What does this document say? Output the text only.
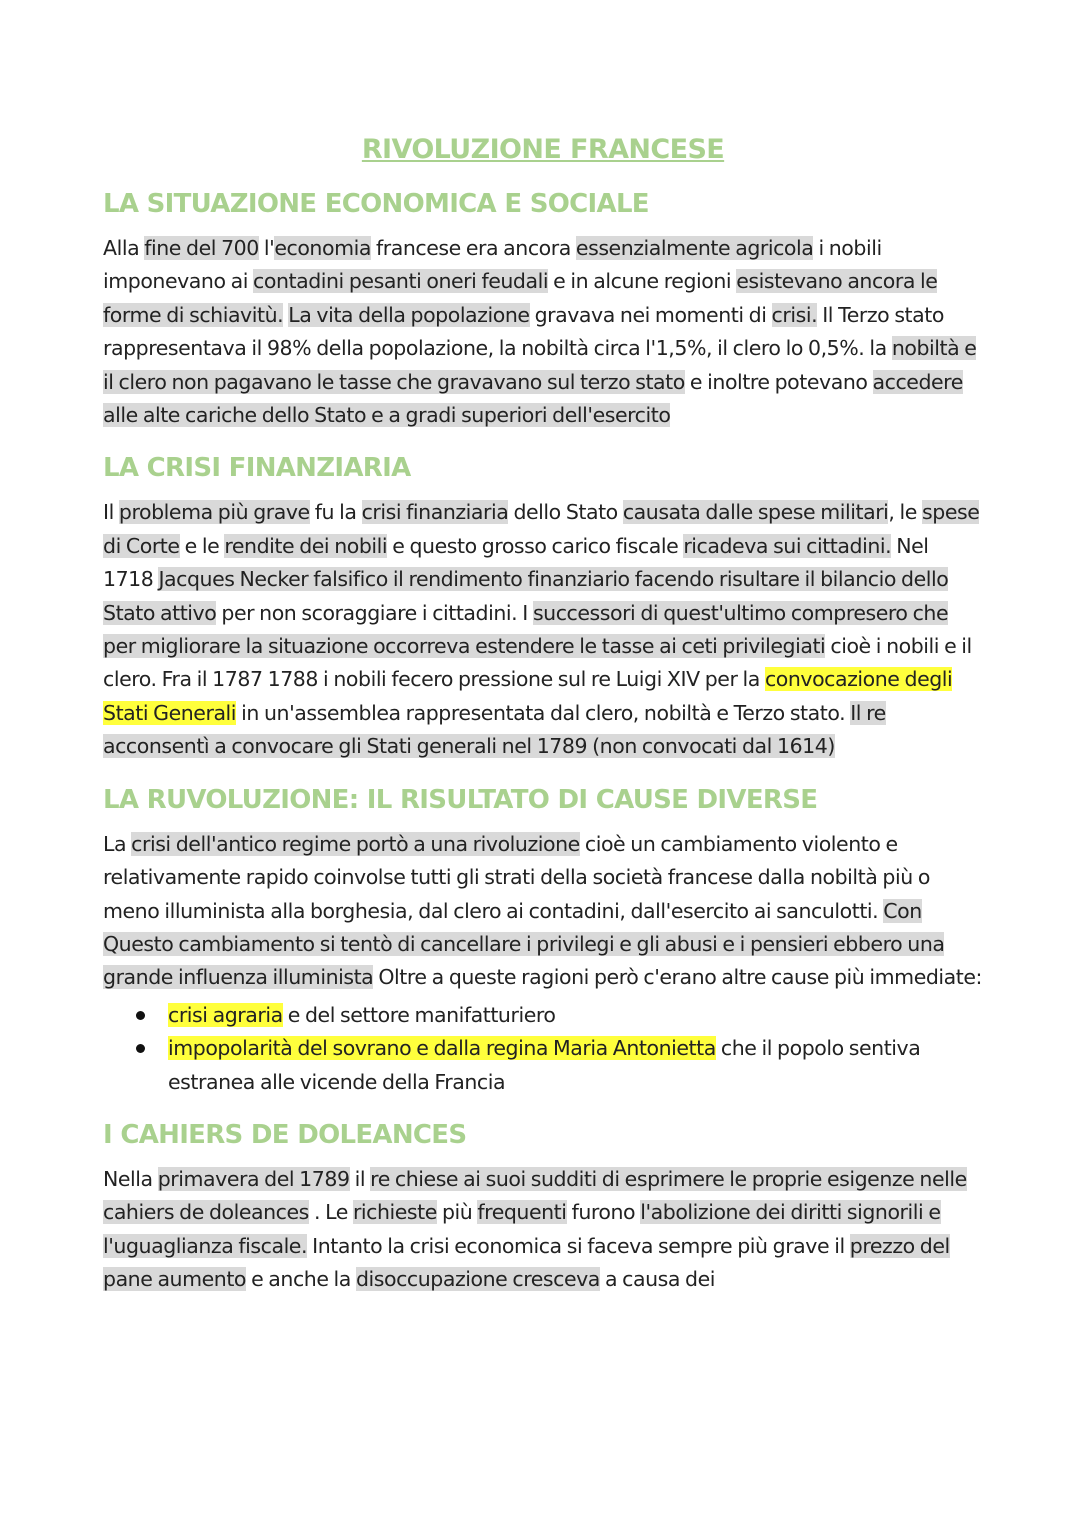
RIVOLUZIONE FRANCESE
LA SITUAZIONE ECONOMICA E SOCIALE

Alla fine del 700 l'economia francese era ancora essenzialmente agricola i nobili imponevano ai contadini pesanti oneri feudali e in alcune regioni esistevano ancora le forme di schiavitù. La vita della popolazione gravava nei momenti di crisi. Il Terzo stato rappresentava il 98% della popolazione, la nobiltà circa l'1,5%, il clero lo 0,5%. la nobiltà e il clero non pagavano le tasse che gravavano sul terzo stato e inoltre potevano accedere alle alte cariche dello Stato e a gradi superiori dell'esercito

LA CRISI FINANZIARIA

Il problema più grave fu la crisi finanziaria dello Stato causata dalle spese militari, le spese di Corte e le rendite dei nobili e questo grosso carico fiscale ricadeva sui cittadini. Nel 1718 Jacques Necker falsifico il rendimento finanziario facendo risultare il bilancio dello Stato attivo per non scoraggiare i cittadini. I successori di quest'ultimo compresero che per migliorare la situazione occorreva estendere le tasse ai ceti privilegiati cioè i nobili e il clero. Fra il 1787 1788 i nobili fecero pressione sul re Luigi XIV per la convocazione degli Stati Generali in un'assemblea rappresentata dal clero, nobiltà e Terzo stato. Il re acconsentì a convocare gli Stati generali nel 1789 (non convocati dal 1614)

LA RUVOLUZIONE: IL RISULTATO DI CAUSE DIVERSE

La crisi dell'antico regime portò a una rivoluzione cioè un cambiamento violento e relativamente rapido coinvolse tutti gli strati della società francese dalla nobiltà più o meno illuminista alla borghesia, dal clero ai contadini, dall'esercito ai sanculotti. Con Questo cambiamento si tentò di cancellare i privilegi e gli abusi e i pensieri ebbero una grande influenza illuminista Oltre a queste ragioni però c'erano altre cause più immediate:

crisi agraria e del settore manifatturiero
impopolarità del sovrano e dalla regina Maria Antonietta che il popolo sentiva estranea alle vicende della Francia
I CAHIERS DE DOLEANCES

Nella primavera del 1789 il re chiese ai suoi sudditi di esprimere le proprie esigenze nelle cahiers de doleances . Le richieste più frequenti furono l'abolizione dei diritti signorili e l'uguaglianza fiscale. Intanto la crisi economica si faceva sempre più grave il prezzo del pane aumento e anche la disoccupazione cresceva a causa dei
